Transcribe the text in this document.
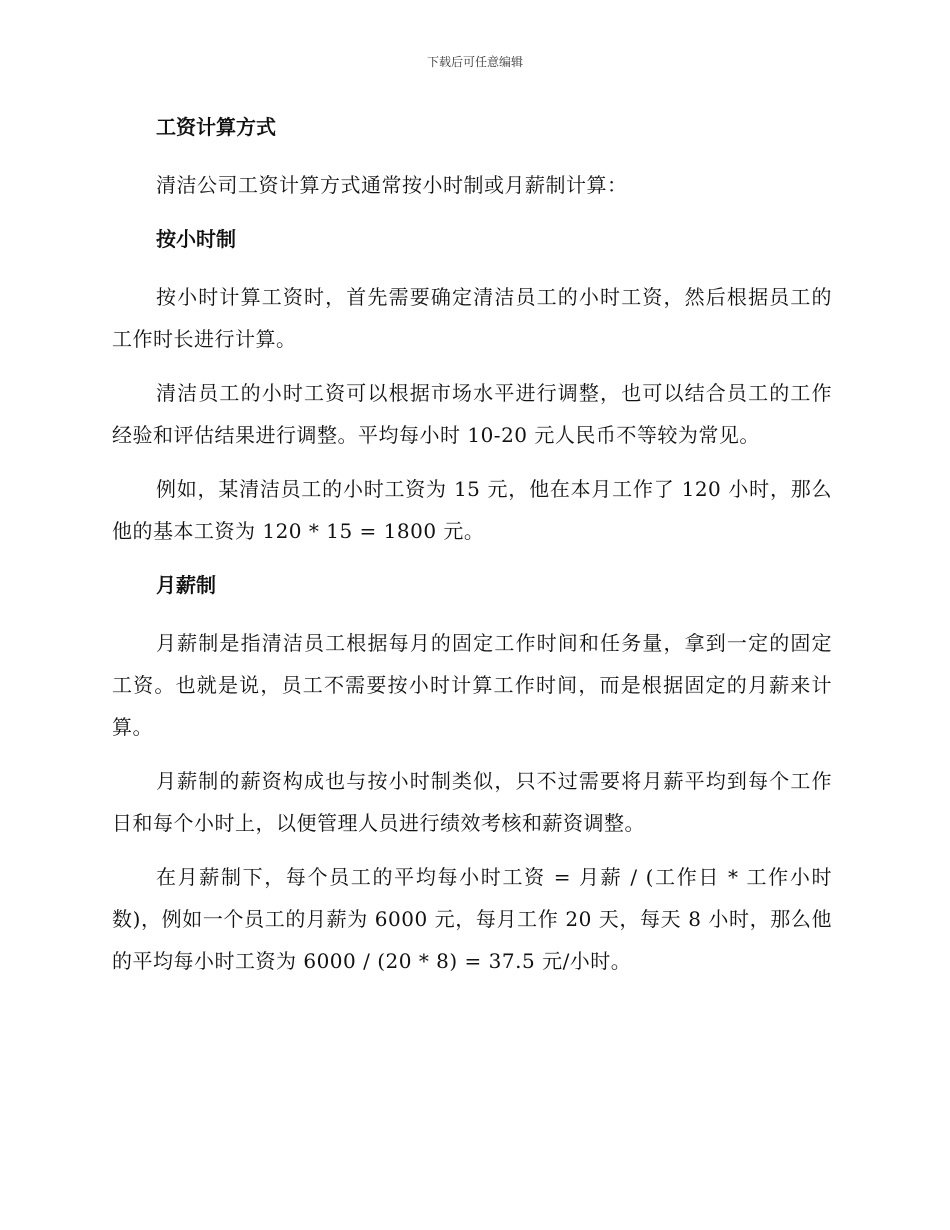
下载后可任意编辑
工资计算方式

清洁公司工资计算方式通常按小时制或月薪制计算：

按小时制

按小时计算工资时，首先需要确定清洁员工的小时工资，然后根据员工的工作时长进行计算。

清洁员工的小时工资可以根据市场水平进行调整，也可以结合员工的工作经验和评估结果进行调整。平均每小时 10-20 元人民币不等较为常见。

例如，某清洁员工的小时工资为 15 元，他在本月工作了 120 小时，那么他的基本工资为 120 * 15 = 1800 元。

月薪制

月薪制是指清洁员工根据每月的固定工作时间和任务量，拿到一定的固定工资。也就是说，员工不需要按小时计算工作时间，而是根据固定的月薪来计算。

月薪制的薪资构成也与按小时制类似，只不过需要将月薪平均到每个工作日和每个小时上，以便管理人员进行绩效考核和薪资调整。

在月薪制下，每个员工的平均每小时工资 = 月薪 / (工作日 * 工作小时数)，例如一个员工的月薪为 6000 元，每月工作 20 天，每天 8 小时，那么他的平均每小时工资为 6000 / (20 * 8) = 37.5 元/小时。
